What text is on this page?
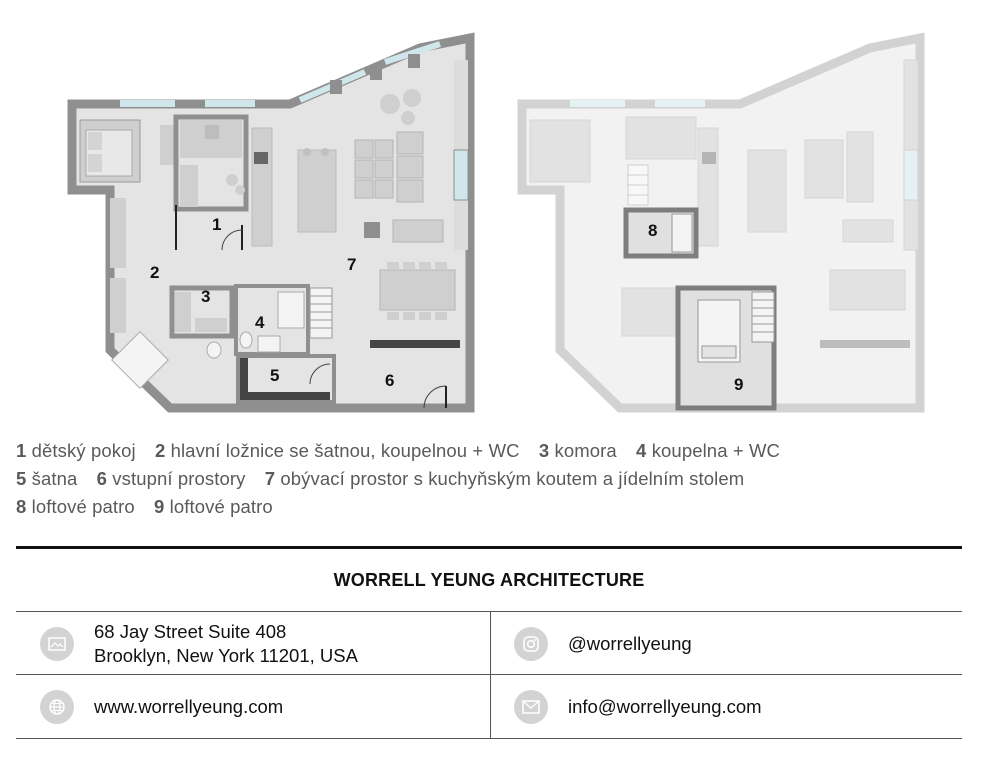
1
2
3
4
5	6
7
8
9
1 dětský pokoj 2 hlavní ložnice se šatnou, koupelnou + WC 3 komora 4 koupelna + WC
5 šatna 6 vstupní prostory 7 obývací prostor s kuchyňským koutem a jídelním stolem
8 loftové patro 9 loftové patro
WORRELL YEUNG ARCHITECTURE
68 Jay Street Suite 408
Brooklyn, New York 11201, USA
@worrellyeung
www.worrellyeung.com	info@worrellyeung.com
